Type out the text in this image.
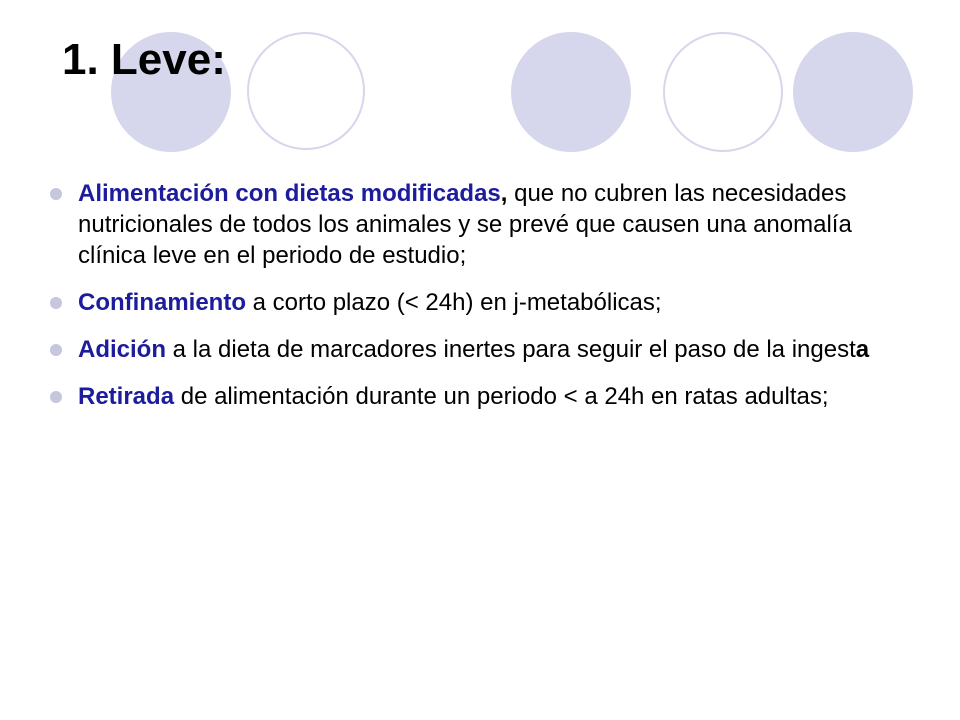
1. Leve:
Alimentación con dietas modificadas, que no cubren las necesidades nutricionales de todos los animales y se prevé que causen una anomalía clínica leve en el periodo de estudio;
Confinamiento a corto plazo (< 24h) en j-metabólicas;
Adición a la dieta de marcadores inertes para seguir el paso de la ingesta
Retirada de alimentación durante un periodo < a 24h en ratas adultas;
